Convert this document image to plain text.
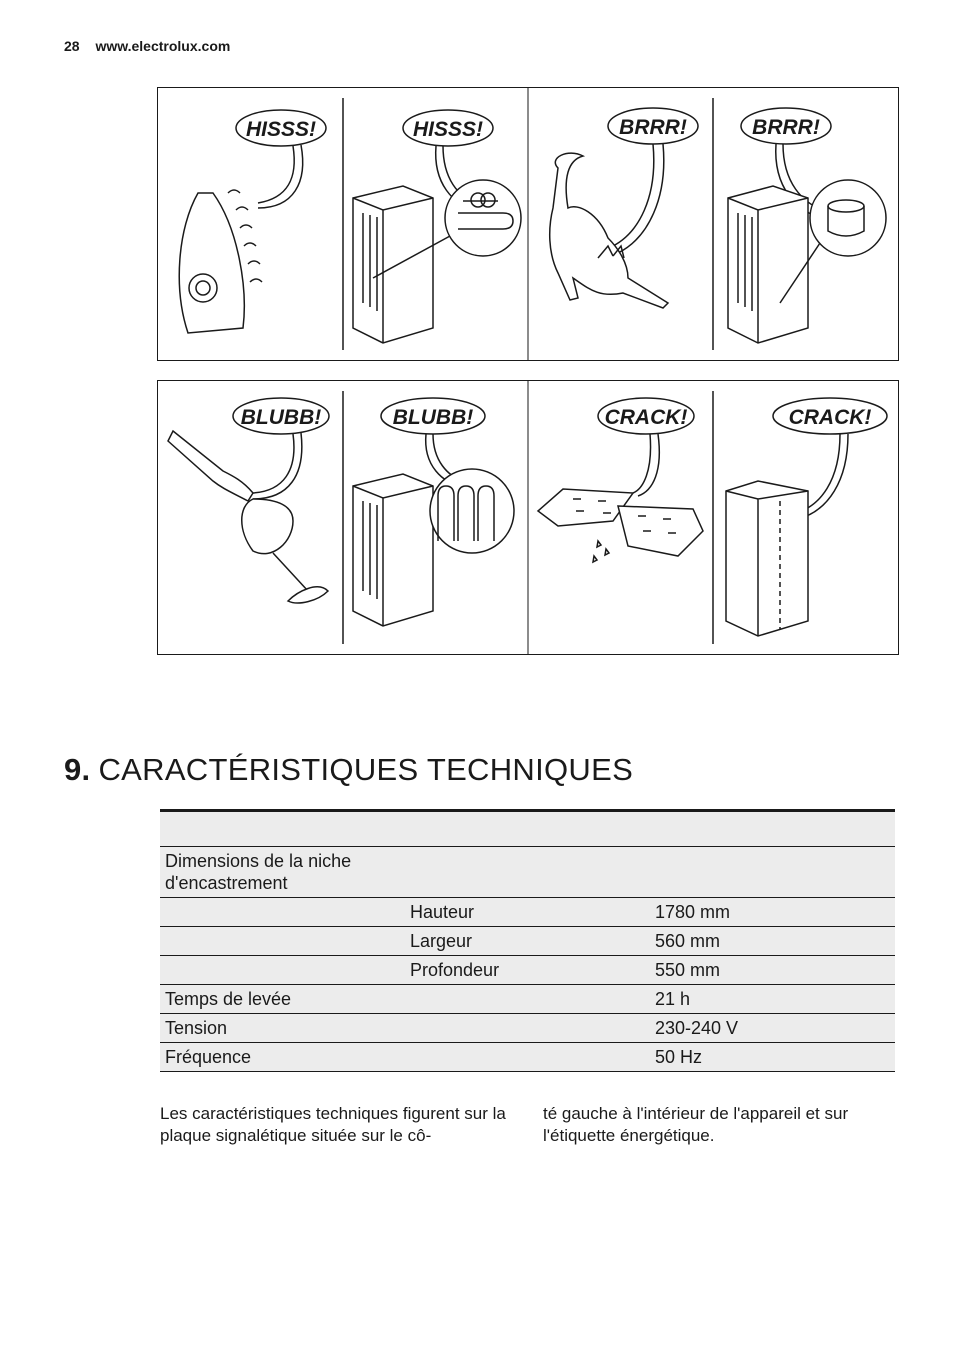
28 www.electrolux.com
HISSS!	HISSS!	BRRR!	BRRR!
BLUBB!	BLUBB!	CRACK!	CRACK!
9. CARACTÉRISTIQUES TECHNIQUES

Dimensions de la niche d'encastrement		
	Hauteur	1780 mm
	Largeur	560 mm
	Profondeur	550 mm
Temps de levée		21 h
Tension		230-240 V
Fréquence		50 Hz
Les caractéristiques techniques figurent sur la plaque signalétique située sur le cô-
té gauche à l'intérieur de l'appareil et sur l'étiquette énergétique.
